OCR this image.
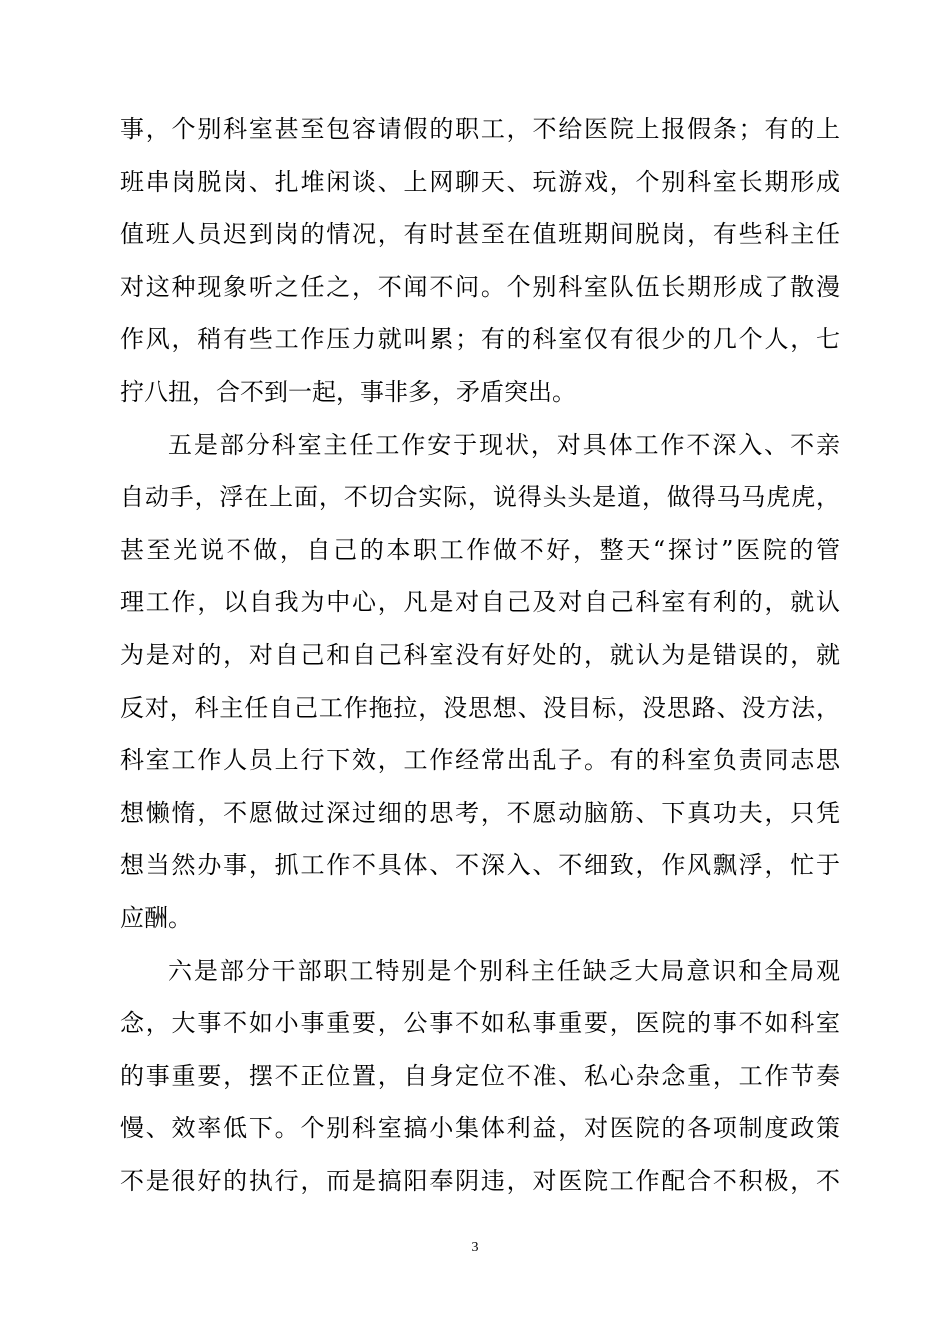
事，个别科室甚至包容请假的职工，不给医院上报假条；有的上
班串岗脱岗、扎堆闲谈、上网聊天、玩游戏，个别科室长期形成
值班人员迟到岗的情况，有时甚至在值班期间脱岗，有些科主任
对这种现象听之任之，不闻不问。个别科室队伍长期形成了散漫
作风，稍有些工作压力就叫累；有的科室仅有很少的几个人，七
拧八扭，合不到一起，事非多，矛盾突出。
五是部分科室主任工作安于现状，对具体工作不深入、不亲
自动手，浮在上面，不切合实际，说得头头是道，做得马马虎虎，
甚至光说不做，自己的本职工作做不好，整天“探讨”医院的管
理工作，以自我为中心，凡是对自己及对自己科室有利的，就认
为是对的，对自己和自己科室没有好处的，就认为是错误的，就
反对，科主任自己工作拖拉，没思想、没目标，没思路、没方法，
科室工作人员上行下效，工作经常出乱子。有的科室负责同志思
想懒惰，不愿做过深过细的思考，不愿动脑筋、下真功夫，只凭
想当然办事，抓工作不具体、不深入、不细致，作风飘浮，忙于
应酬。
六是部分干部职工特别是个别科主任缺乏大局意识和全局观
念，大事不如小事重要，公事不如私事重要，医院的事不如科室
的事重要，摆不正位置，自身定位不准、私心杂念重，工作节奏
慢、效率低下。个别科室搞小集体利益，对医院的各项制度政策
不是很好的执行，而是搞阳奉阴违，对医院工作配合不积极，不
3
